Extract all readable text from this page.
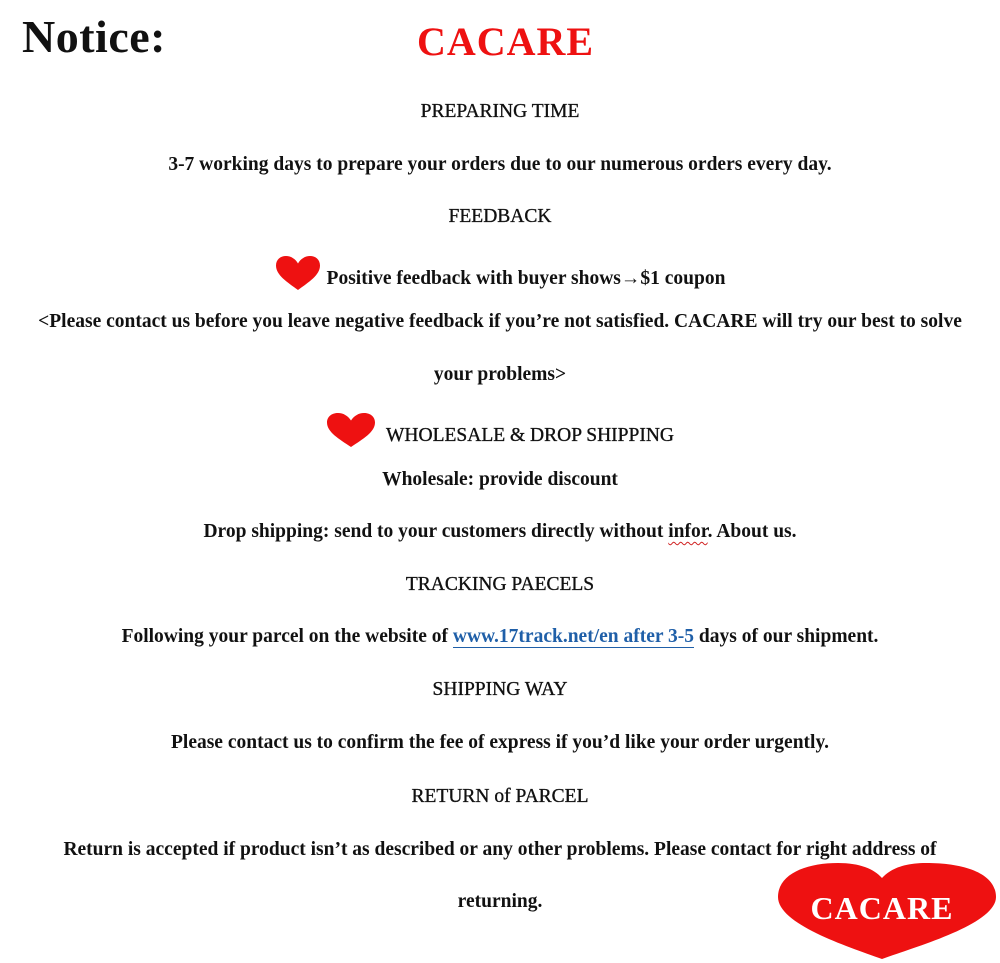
Notice:	CACARE
PREPARING TIME
3-7 working days to prepare your orders due to our numerous orders every day.
FEEDBACK
Positive feedback with buyer shows→$1 coupon
<Please contact us before you leave negative feedback if you’re not satisfied. CACARE will try our best to solve
your problems>
WHOLESALE & DROP SHIPPING
Wholesale: provide discount
Drop shipping: send to your customers directly without infor. About us.
TRACKING PAECELS
Following your parcel on the website of www.17track.net/en after 3-5 days of our shipment.
SHIPPING WAY
Please contact us to confirm the fee of express if you’d like your order urgently.
RETURN of PARCEL
Return is accepted if product isn’t as described or any other problems. Please contact for right address of
returning.	CACARE
